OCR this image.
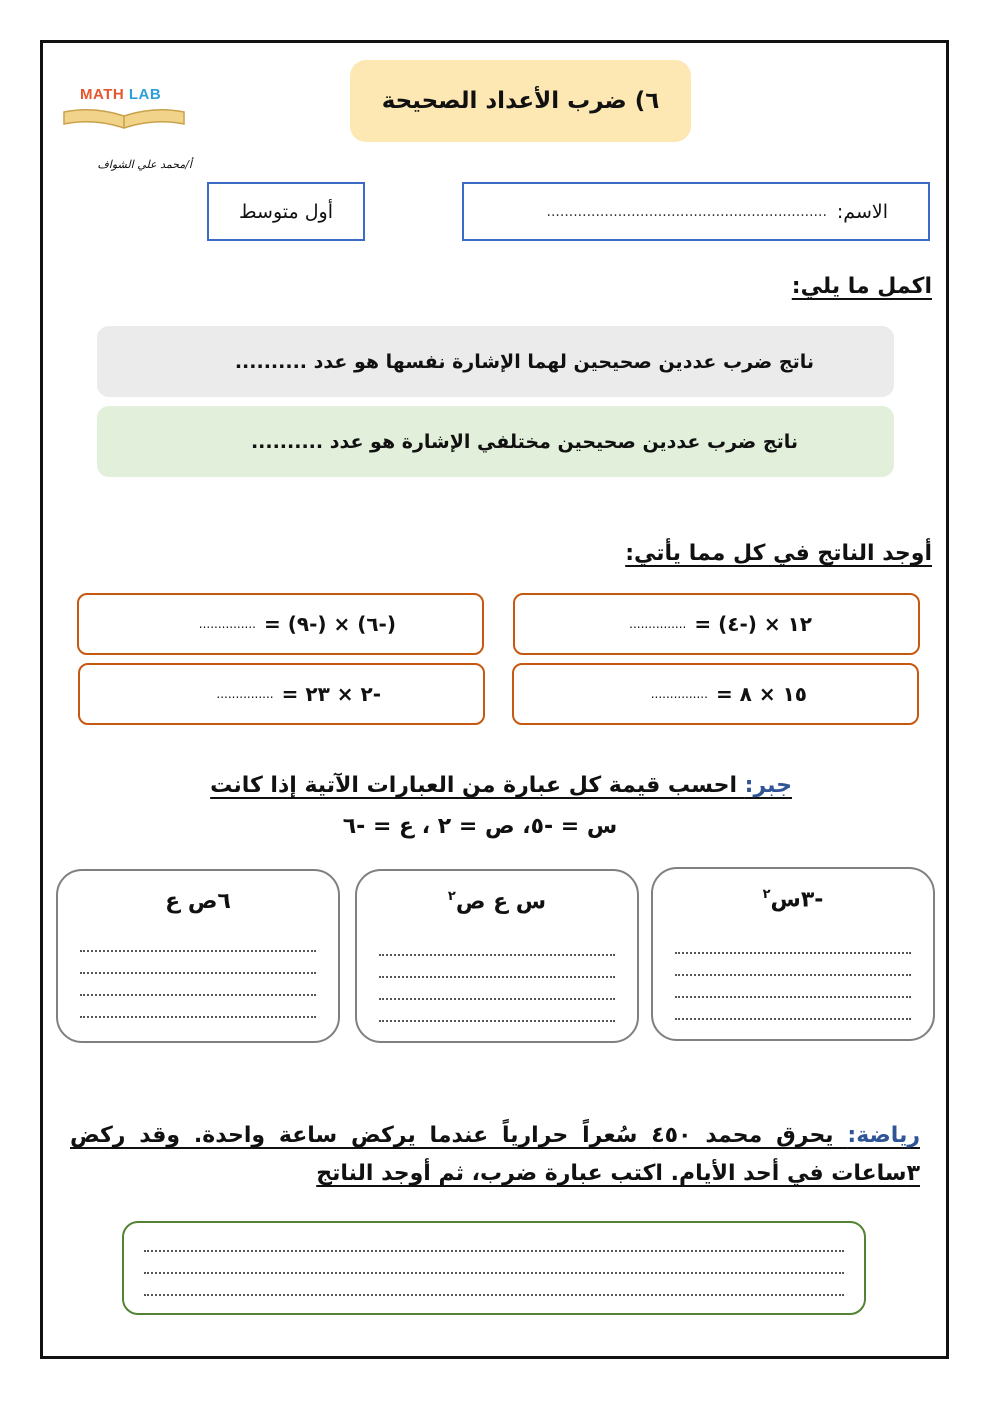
MATH LAB
أ/محمد علي الشواف
٦) ضرب الأعداد الصحيحة
الاسم:
...............................................................
أول متوسط
اكمل ما يلي:
ناتج ضرب عددين صحيحين لهما الإشارة نفسها هو عدد ..........
ناتج ضرب عددين صحيحين مختلفي الإشارة هو عدد ..........
أوجد الناتج في كل مما يأتي:
١٢ × (-٤) =
...............
(-٦) × (-٩) =
...............
١٥ × ٨ =
...............
-٢ × ٢٣ =
...............
جبر: احسب قيمة كل عبارة من العبارات الآتية إذا كانت
س = -٥، ص = ٢ ، ع = -٦
-٣س$^٢$
س ع ص$^٢$
٦ص ع
رياضة: يحرق محمد ٤٥٠ سُعراً حرارياً عندما يركض ساعة واحدة. وقد ركض ٣ساعات في أحد الأيام. اكتب عبارة ضرب، ثم أوجد الناتج
